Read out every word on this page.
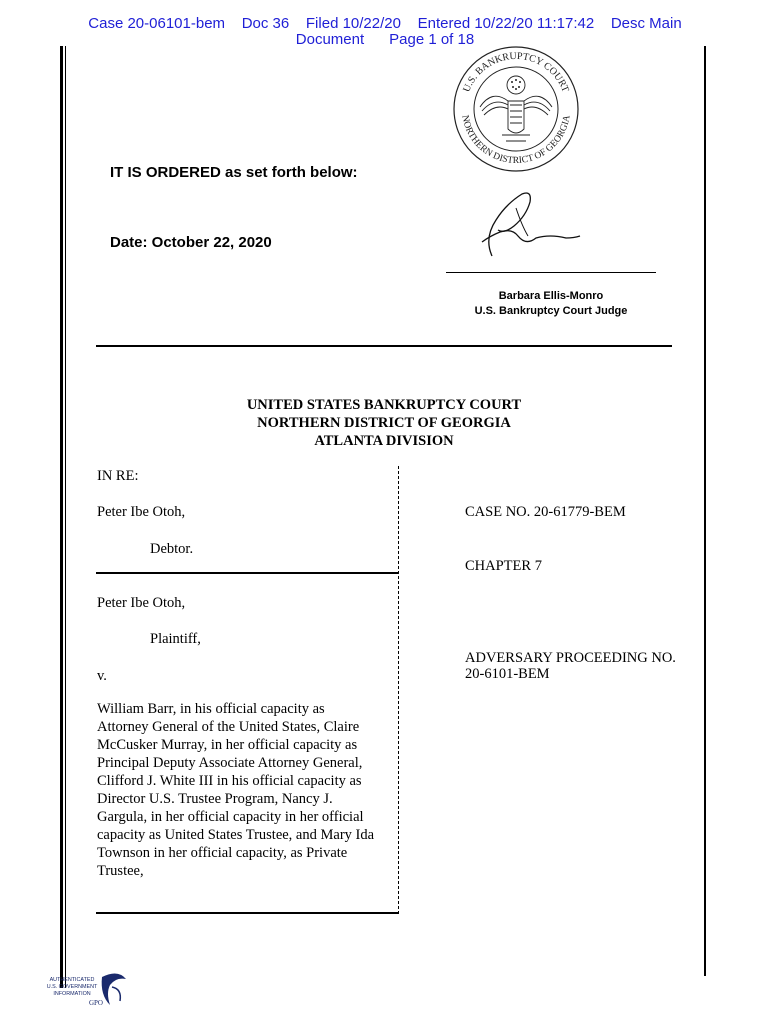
Case 20-06101-bem    Doc 36    Filed 10/22/20    Entered 10/22/20 11:17:42    Desc Main
Document      Page 1 of 18
U.S. BANKRUPTCY COURT
NORTHERN DISTRICT OF GEORGIA
IT IS ORDERED as set forth below:
Date: October 22, 2020
Barbara Ellis-Monro
U.S. Bankruptcy Court Judge
UNITED STATES BANKRUPTCY COURT
NORTHERN DISTRICT OF GEORGIA
ATLANTA DIVISION
IN RE:
Peter Ibe Otoh,
Debtor.
Peter Ibe Otoh,
Plaintiff,
v.
William Barr, in his official capacity as
Attorney General of the United States, Claire
McCusker Murray, in her official capacity as
Principal Deputy Associate Attorney General,
Clifford J. White III in his official capacity as
Director U.S. Trustee Program, Nancy J.
Gargula, in her official capacity in her official
capacity as United States Trustee, and Mary Ida
Townson in her official capacity, as Private
Trustee,
CASE NO. 20-61779-BEM
CHAPTER 7
ADVERSARY PROCEEDING NO.
20-6101-BEM
AUTHENTICATED
U.S. GOVERNMENT
INFORMATION
GPO
